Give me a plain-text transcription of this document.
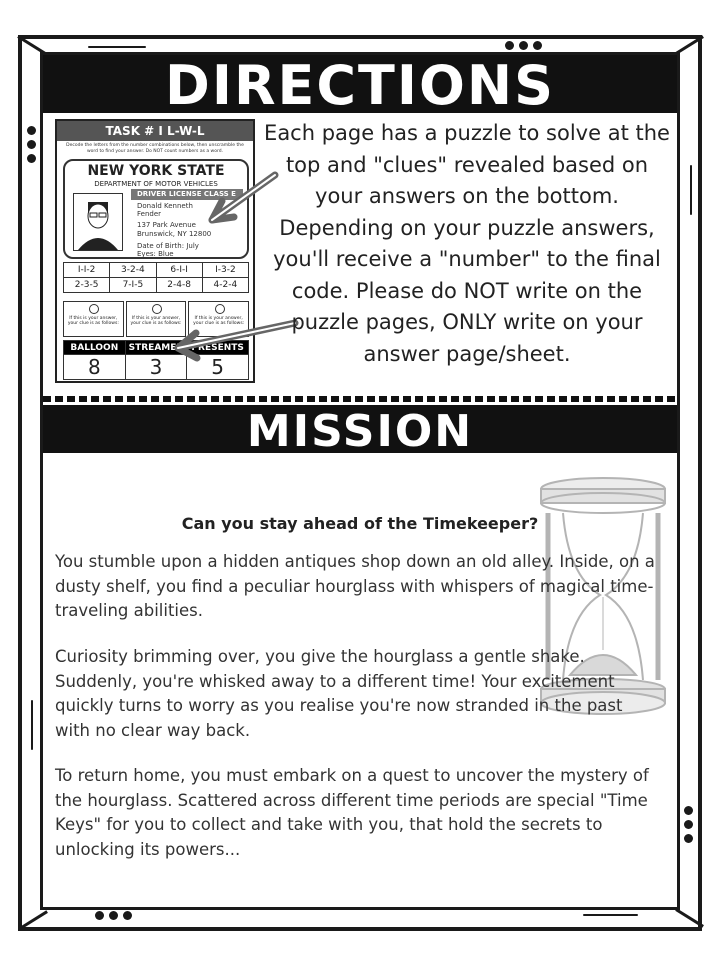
DIRECTIONS
TASK # I L-W-L
Decode the letters from the number combinations below, then unscramble the word to find your answer. Do NOT count numbers as a word.
NEW YORK STATE
DEPARTMENT OF MOTOR VEHICLES
DRIVER LICENSE CLASS E
Donald Kenneth Fender
137 Park Avenue
Brunswick, NY 12800
Date of Birth: July
Eyes: Blue
I-I-2	3-2-4	6-I-I	I-3-2
2-3-5	7-I-5	2-4-8	4-2-4
If this is your answer, your clue is as follows:
If this is your answer, your clue is as follows:
If this is your answer, your clue is as follows:
BALLOON	STREAMER	PRESENTS
8	3	5
Each page has a puzzle to solve at the top and "clues" revealed based on your answers on the bottom. Depending on your puzzle answers, you'll receive a "number" to the final code. Please do NOT write on the puzzle pages, ONLY write on your answer page/sheet.
MISSION
Can you stay ahead of the Timekeeper?
You stumble upon a hidden antiques shop down an old alley. Inside, on a dusty shelf, you find a peculiar hourglass with whispers of magical time-traveling abilities.
Curiosity brimming over, you give the hourglass a gentle shake. Suddenly, you're whisked away to a different time! Your excitement quickly turns to worry as you realise you're now stranded in the past with no clear way back.
To return home, you must embark on a quest to uncover the mystery of the hourglass. Scattered across different time periods are special "Time Keys" for you to collect and take with you, that hold the secrets to unlocking its powers...
